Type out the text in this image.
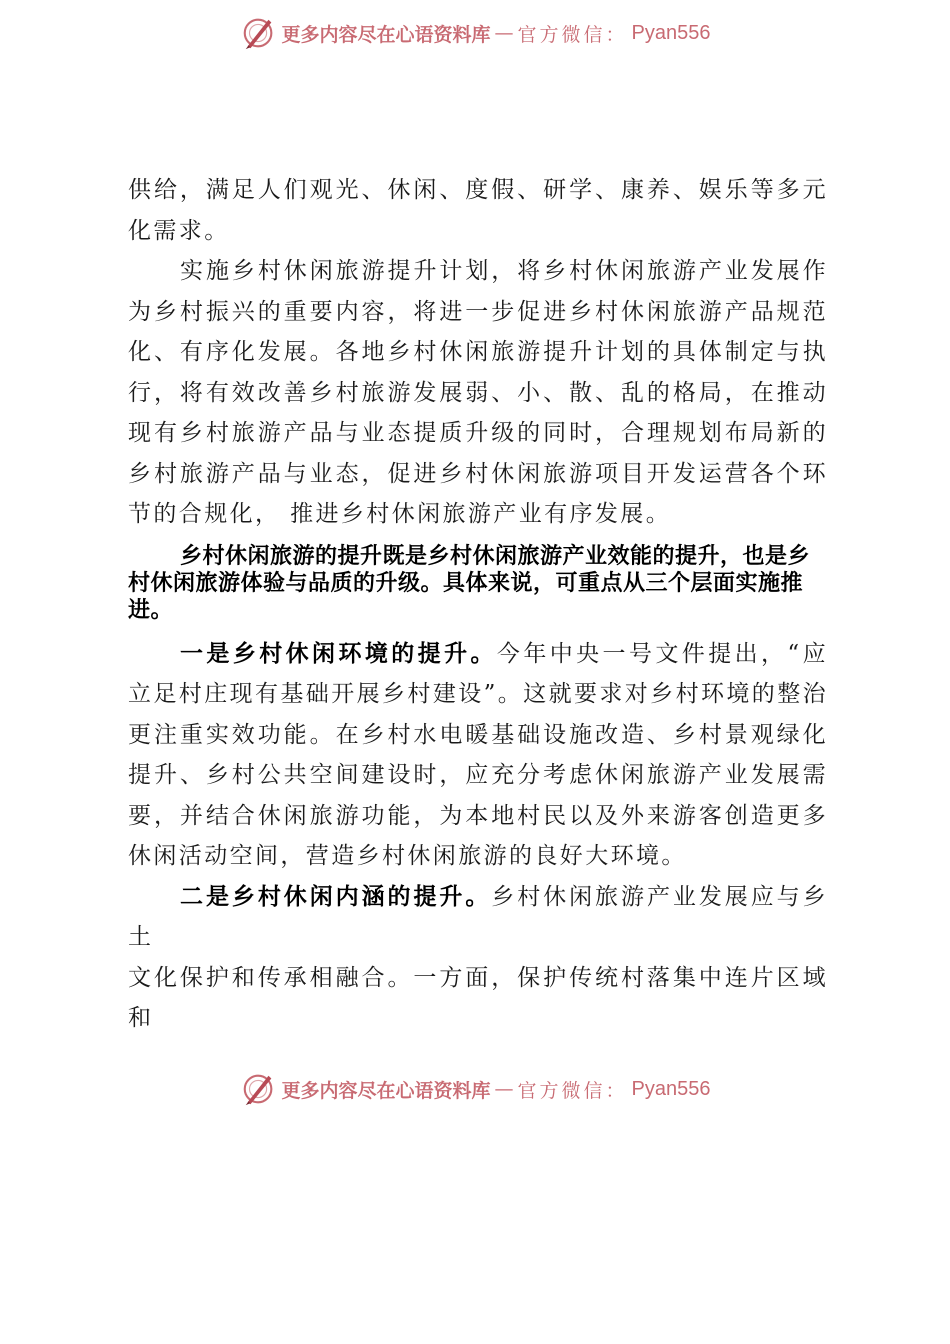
更多内容尽在心语资料库 — 官方微信： Pyan556

供给，满足人们观光、休闲、度假、研学、康养、娱乐等多元化需求。

实施乡村休闲旅游提升计划，将乡村休闲旅游产业发展作为乡村振兴的重要内容，将进一步促进乡村休闲旅游产品规范化、有序化发展。各地乡村休闲旅游提升计划的具体制定与执行，将有效改善乡村旅游发展弱、小、散、乱的格局，在推动现有乡村旅游产品与业态提质升级的同时，合理规划布局新的乡村旅游产品与业态，促进乡村休闲旅游项目开发运营各个环节的合规化， 推进乡村休闲旅游产业有序发展。

乡村休闲旅游的提升既是乡村休闲旅游产业效能的提升，也是乡村休闲旅游体验与品质的升级。具体来说，可重点从三个层面实施推进。

一是乡村休闲环境的提升。今年中央一号文件提出，“应立足村庄现有基础开展乡村建设”。这就要求对乡村环境的整治更注重实效功能。在乡村水电暖基础设施改造、乡村景观绿化提升、乡村公共空间建设时，应充分考虑休闲旅游产业发展需要，并结合休闲旅游功能，为本地村民以及外来游客创造更多休闲活动空间，营造乡村休闲旅游的良好大环境。

二是乡村休闲内涵的提升。乡村休闲旅游产业发展应与乡土
文化保护和传承相融合。一方面，保护传统村落集中连片区域和

更多内容尽在心语资料库 — 官方微信： Pyan556
